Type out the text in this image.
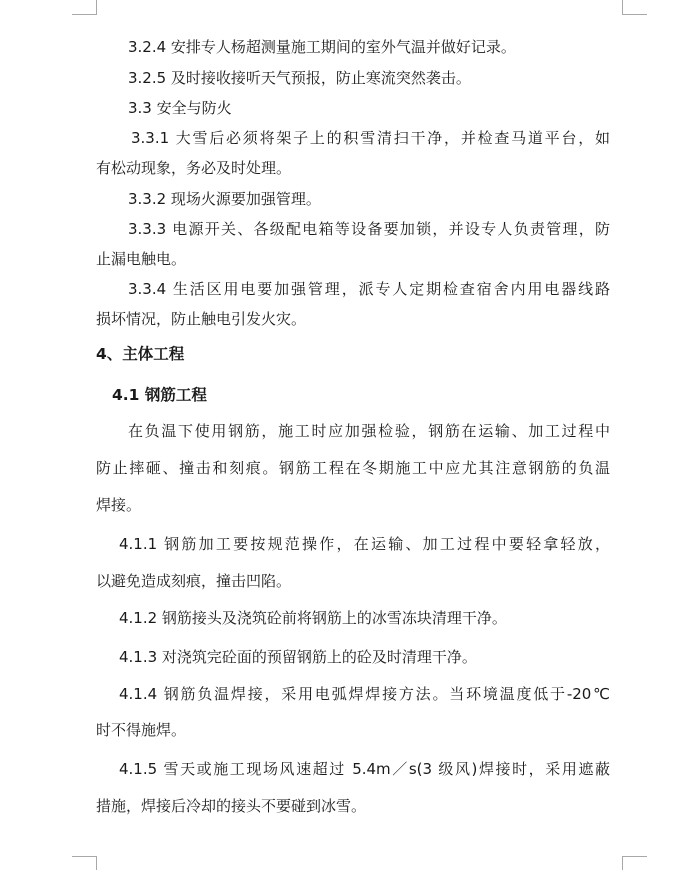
3.2.4 安排专人杨超测量施工期间的室外气温并做好记录。
3.2.5 及时接收接听天气预报，防止寒流突然袭击。
3.3 安全与防火
3.3.1 大雪后必须将架子上的积雪清扫干净，并检查马道平台，如
有松动现象，务必及时处理。
3.3.2 现场火源要加强管理。
3.3.3 电源开关、各级配电箱等设备要加锁，并设专人负责管理，防
止漏电触电。
3.3.4 生活区用电要加强管理，派专人定期检查宿舍内用电器线路
损坏情况，防止触电引发火灾。
4、主体工程
4.1 钢筋工程
在负温下使用钢筋，施工时应加强检验，钢筋在运输、加工过程中
防止摔砸、撞击和刻痕。钢筋工程在冬期施工中应尤其注意钢筋的负温
焊接。
4.1.1 钢筋加工要按规范操作，在运输、加工过程中要轻拿轻放，
以避免造成刻痕，撞击凹陷。
4.1.2 钢筋接头及浇筑砼前将钢筋上的冰雪冻块清理干净。
4.1.3 对浇筑完砼面的预留钢筋上的砼及时清理干净。
4.1.4 钢筋负温焊接，采用电弧焊焊接方法。当环境温度低于-20℃
时不得施焊。
4.1.5 雪天或施工现场风速超过 5.4m／s(3 级风)焊接时，采用遮蔽
措施，焊接后冷却的接头不要碰到冰雪。
